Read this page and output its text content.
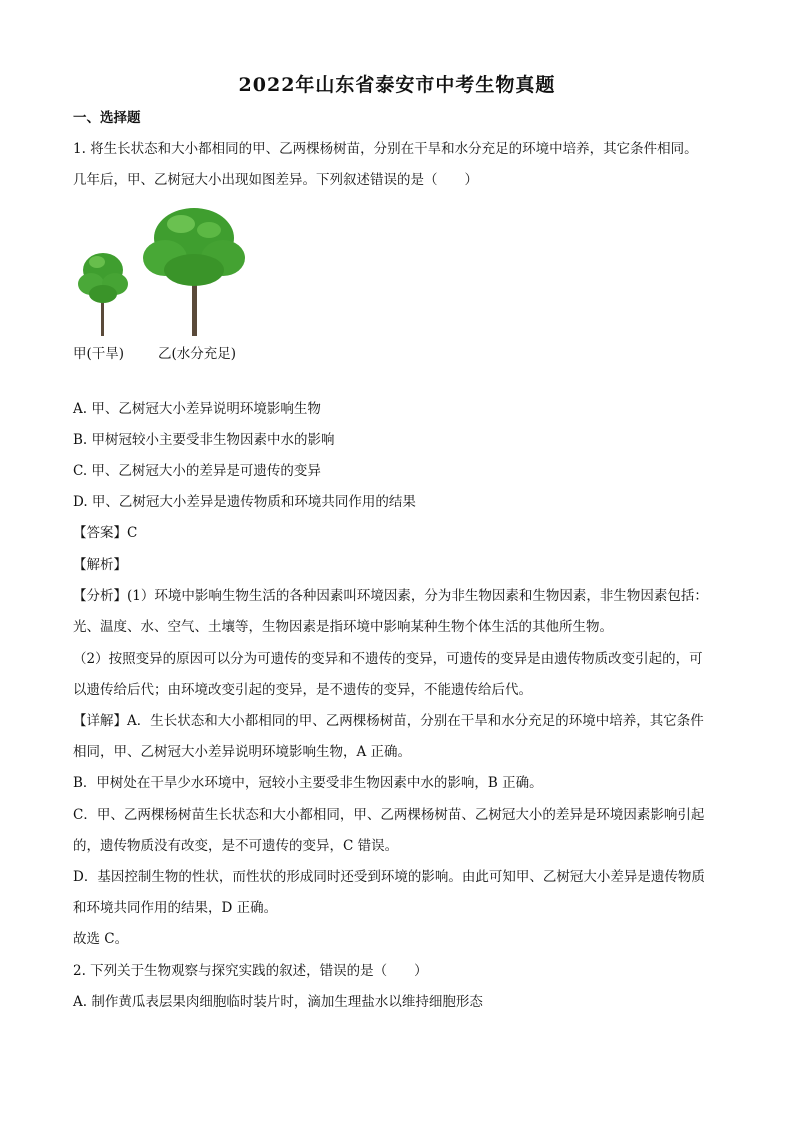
2022年山东省泰安市中考生物真题
一、选择题
1. 将生长状态和大小都相同的甲、乙两棵杨树苗，分别在干旱和水分充足的环境中培养，其它条件相同。
几年后，甲、乙树冠大小出现如图差异。下列叙述错误的是（　　）
甲(干旱)	乙(水分充足)
A. 甲、乙树冠大小差异说明环境影响生物
B. 甲树冠较小主要受非生物因素中水的影响
C. 甲、乙树冠大小的差异是可遗传的变异
D. 甲、乙树冠大小差异是遗传物质和环境共同作用的结果
【答案】C
【解析】
【分析】(1）环境中影响生物生活的各种因素叫环境因素，分为非生物因素和生物因素，非生物因素包括：
光、温度、水、空气、土壤等，生物因素是指环境中影响某种生物个体生活的其他所生物。
（2）按照变异的原因可以分为可遗传的变异和不遗传的变异，可遗传的变异是由遗传物质改变引起的，可
以遗传给后代；由环境改变引起的变异，是不遗传的变异，不能遗传给后代。
【详解】A．生长状态和大小都相同的甲、乙两棵杨树苗，分别在干旱和水分充足的环境中培养，其它条件
相同，甲、乙树冠大小差异说明环境影响生物，A 正确。
B．甲树处在干旱少水环境中，冠较小主要受非生物因素中水的影响，B 正确。
C．甲、乙两棵杨树苗生长状态和大小都相同，甲、乙两棵杨树苗、乙树冠大小的差异是环境因素影响引起
的，遗传物质没有改变，是不可遗传的变异，C 错误。
D．基因控制生物的性状，而性状的形成同时还受到环境的影响。由此可知甲、乙树冠大小差异是遗传物质
和环境共同作用的结果，D 正确。
故选 C。
2. 下列关于生物观察与探究实践的叙述，错误的是（　　）
A. 制作黄瓜表层果肉细胞临时装片时，滴加生理盐水以维持细胞形态
